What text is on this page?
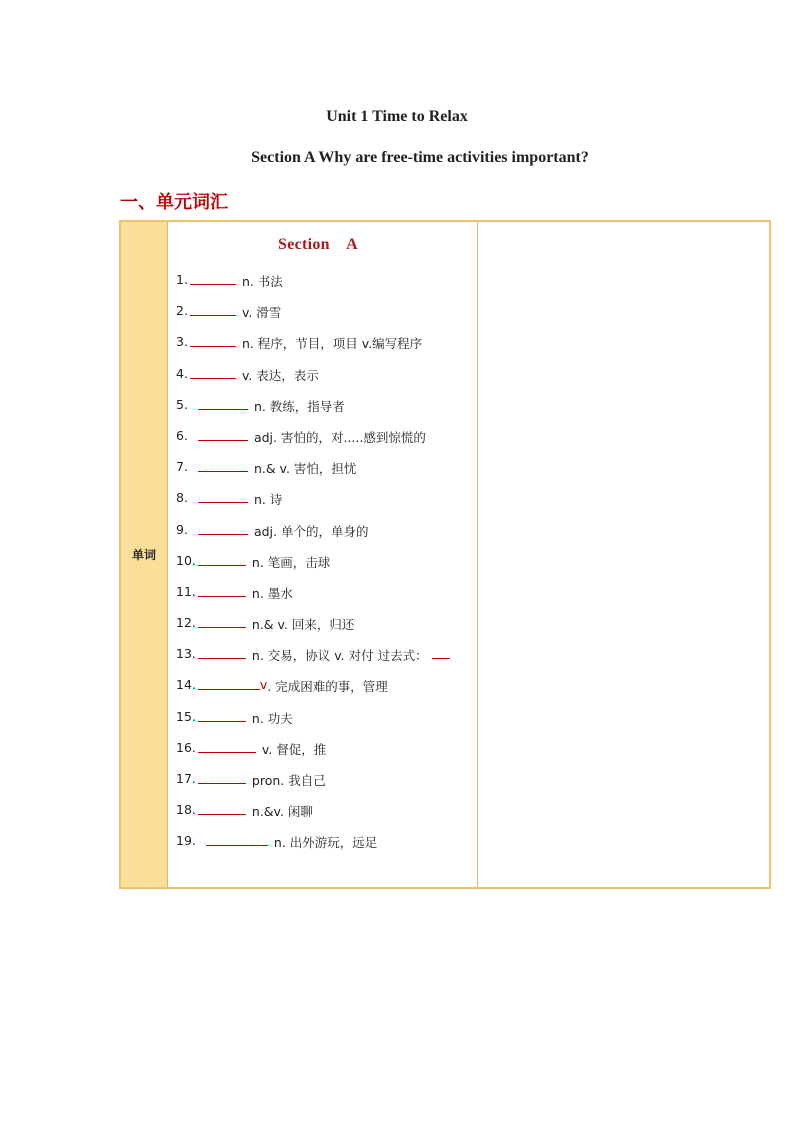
Unit 1 Time to Relax
Section A Why are free-time activities important?
一、单元词汇
单词
Section A
1.	n. 书法
2.	v. 滑雪
3.	n. 程序，节目，项目 v.编写程序
4.	v. 表达，表示
5.	n. 教练，指导者
6.	adj. 害怕的，对.....感到惊慌的
7.	n.& v. 害怕，担忧
8.	n. 诗
9.	adj. 单个的，单身的
10.	n. 笔画，击球
11.	n. 墨水
12.	n.& v. 回来，归还
13.	n. 交易，协议 v. 对付 过去式：
14.	v . 完成困难的事，管理
15.	n. 功夫
16.	v. 督促，推
17.	pron. 我自己
18.	n.&v. 闲聊
19.	n. 出外游玩，远足
